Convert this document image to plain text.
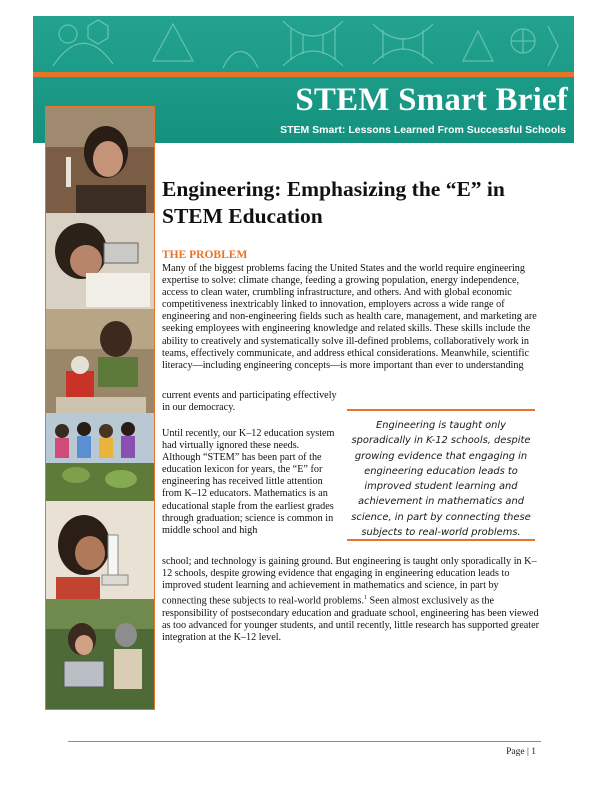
STEM Smart Brief

STEM Smart: Lessons Learned From Successful Schools

Engineering: Emphasizing the “E” in STEM Education
THE PROBLEM

Many of the biggest problems facing the United States and the world require engineering expertise to solve: climate change, feeding a growing population, energy independence, access to clean water, crumbling infrastructure, and others. And with global economic competitiveness inextricably linked to innovation, employers across a wide range of engineering and non-engineering fields such as health care, management, and marketing are seeking employees with engineering knowledge and related skills. These skills include the ability to creatively and systematically solve ill-defined problems, collaboratively work in teams, effectively communicate, and address ethical considerations. Meanwhile, scientific literacy—including engineering concepts—is more important than ever to understanding

current events and participating effectively in our democracy.

Until recently, our K–12 education system had virtually ignored these needs. Although “STEM” has been part of the education lexicon for years, the “E” for engineering has received little attention from K–12 educators. Mathematics is an educational staple from the earliest grades through graduation; science is common in middle school and high

school; and technology is gaining ground. But engineering is taught only sporadically in K–12 schools, despite growing evidence that engaging in engineering education leads to improved student learning and achievement in mathematics and science, in part by connecting these subjects to real-world problems.$^1$ Seen almost exclusively as the responsibility of postsecondary education and graduate school, engineering has been viewed as too advanced for younger students, and until recently, little research has supported greater integration at the K–12 level.

Engineering is taught only sporadically in K-12 schools, despite growing evidence that engaging in engineering education leads to improved student learning and achievement in mathematics and science, in part by connecting these subjects to real-world problems.

Page | 1
